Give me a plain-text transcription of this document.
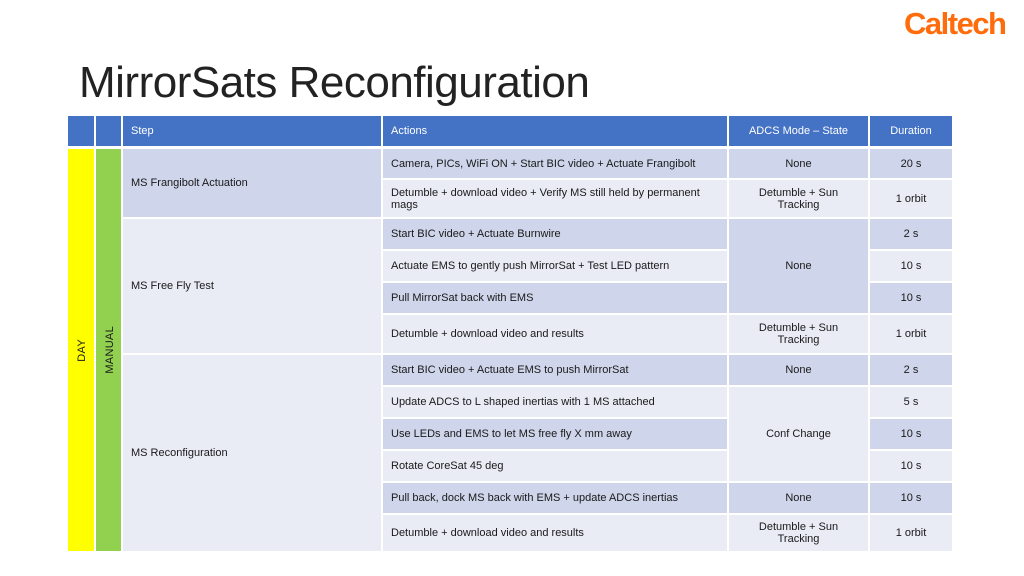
Caltech
MirrorSats Reconfiguration
		Step	Actions	ADCS Mode – State	Duration

DAY	MANUAL	MS Frangibolt Actuation	Camera, PICs, WiFi ON + Start BIC video + Actuate Frangibolt	None	20 s
			Detumble + download video + Verify MS still held by permanent mags	Detumble + Sun Tracking	1 orbit
		MS Free Fly Test	Start BIC video + Actuate Burnwire	None	2 s
			Actuate EMS to gently push MirrorSat + Test LED pattern		10 s
			Pull MirrorSat back with EMS		10 s
			Detumble + download video and results	Detumble + Sun Tracking	1 orbit
		MS Reconfiguration	Start BIC video + Actuate EMS to push MirrorSat	None	2 s
			Update ADCS to L shaped inertias with 1 MS attached	Conf Change	5 s
			Use LEDs and EMS to let MS free fly X mm away		10 s
			Rotate CoreSat 45 deg		10 s
			Pull back, dock MS back with EMS + update ADCS inertias	None	10 s
			Detumble + download video and results	Detumble + Sun Tracking	1 orbit
